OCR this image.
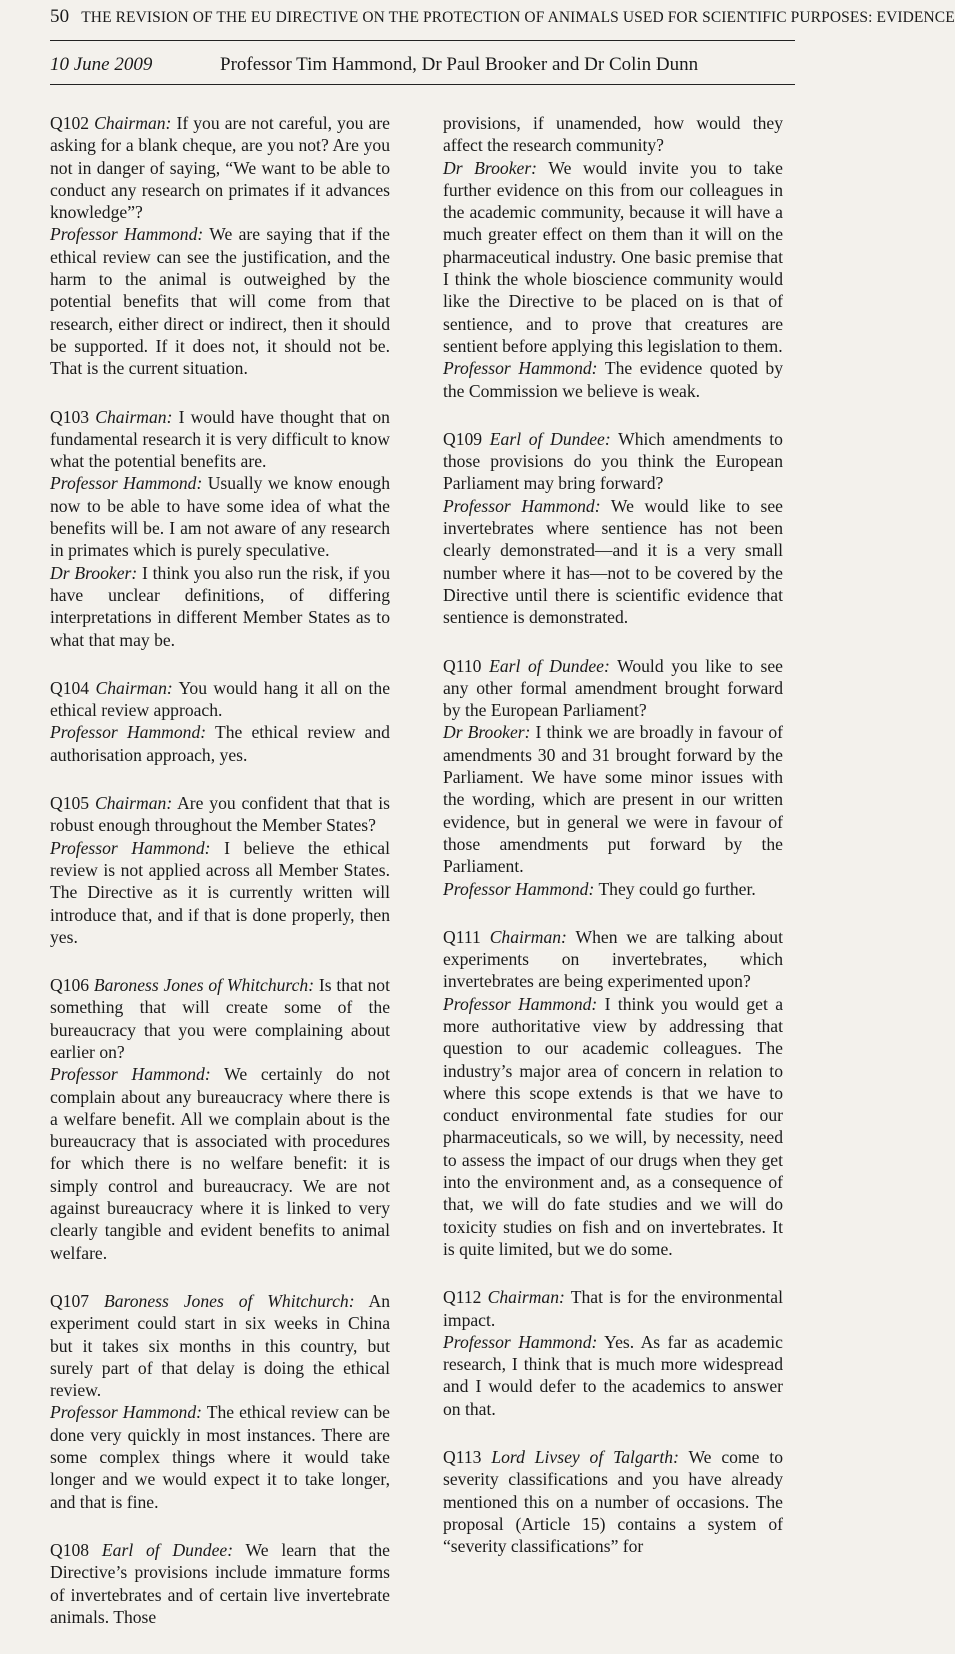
50 THE REVISION OF THE EU DIRECTIVE ON THE PROTECTION OF ANIMALS USED FOR SCIENTIFIC PURPOSES: EVIDENCE
10 June 2009	Professor Tim Hammond, Dr Paul Brooker and Dr Colin Dunn

Q102 Chairman: If you are not careful, you are asking for a blank cheque, are you not? Are you not in danger of saying, “We want to be able to conduct any research on primates if it advances knowledge”?

Professor Hammond: We are saying that if the ethical review can see the justification, and the harm to the animal is outweighed by the potential benefits that will come from that research, either direct or indirect, then it should be supported. If it does not, it should not be. That is the current situation.

Q103 Chairman: I would have thought that on fundamental research it is very difficult to know what the potential benefits are.

Professor Hammond: Usually we know enough now to be able to have some idea of what the benefits will be. I am not aware of any research in primates which is purely speculative.

Dr Brooker: I think you also run the risk, if you have unclear definitions, of differing interpretations in different Member States as to what that may be.

Q104 Chairman: You would hang it all on the ethical review approach.

Professor Hammond: The ethical review and authorisation approach, yes.

Q105 Chairman: Are you confident that that is robust enough throughout the Member States?

Professor Hammond: I believe the ethical review is not applied across all Member States. The Directive as it is currently written will introduce that, and if that is done properly, then yes.

Q106 Baroness Jones of Whitchurch: Is that not something that will create some of the bureaucracy that you were complaining about earlier on?

Professor Hammond: We certainly do not complain about any bureaucracy where there is a welfare benefit. All we complain about is the bureaucracy that is associated with procedures for which there is no welfare benefit: it is simply control and bureaucracy. We are not against bureaucracy where it is linked to very clearly tangible and evident benefits to animal welfare.

Q107 Baroness Jones of Whitchurch: An experiment could start in six weeks in China but it takes six months in this country, but surely part of that delay is doing the ethical review.

Professor Hammond: The ethical review can be done very quickly in most instances. There are some complex things where it would take longer and we would expect it to take longer, and that is fine.

Q108 Earl of Dundee: We learn that the Directive’s provisions include immature forms of invertebrates and of certain live invertebrate animals. Those

provisions, if unamended, how would they affect the research community?

Dr Brooker: We would invite you to take further evidence on this from our colleagues in the academic community, because it will have a much greater effect on them than it will on the pharmaceutical industry. One basic premise that I think the whole bioscience community would like the Directive to be placed on is that of sentience, and to prove that creatures are sentient before applying this legislation to them.

Professor Hammond: The evidence quoted by the Commission we believe is weak.

Q109 Earl of Dundee: Which amendments to those provisions do you think the European Parliament may bring forward?

Professor Hammond: We would like to see invertebrates where sentience has not been clearly demonstrated—and it is a very small number where it has—not to be covered by the Directive until there is scientific evidence that sentience is demonstrated.

Q110 Earl of Dundee: Would you like to see any other formal amendment brought forward by the European Parliament?

Dr Brooker: I think we are broadly in favour of amendments 30 and 31 brought forward by the Parliament. We have some minor issues with the wording, which are present in our written evidence, but in general we were in favour of those amendments put forward by the Parliament.

Professor Hammond: They could go further.

Q111 Chairman: When we are talking about experiments on invertebrates, which invertebrates are being experimented upon?

Professor Hammond: I think you would get a more authoritative view by addressing that question to our academic colleagues. The industry’s major area of concern in relation to where this scope extends is that we have to conduct environmental fate studies for our pharmaceuticals, so we will, by necessity, need to assess the impact of our drugs when they get into the environment and, as a consequence of that, we will do fate studies and we will do toxicity studies on fish and on invertebrates. It is quite limited, but we do some.

Q112 Chairman: That is for the environmental impact.

Professor Hammond: Yes. As far as academic research, I think that is much more widespread and I would defer to the academics to answer on that.

Q113 Lord Livsey of Talgarth: We come to severity classifications and you have already mentioned this on a number of occasions. The proposal (Article 15) contains a system of “severity classifications” for
